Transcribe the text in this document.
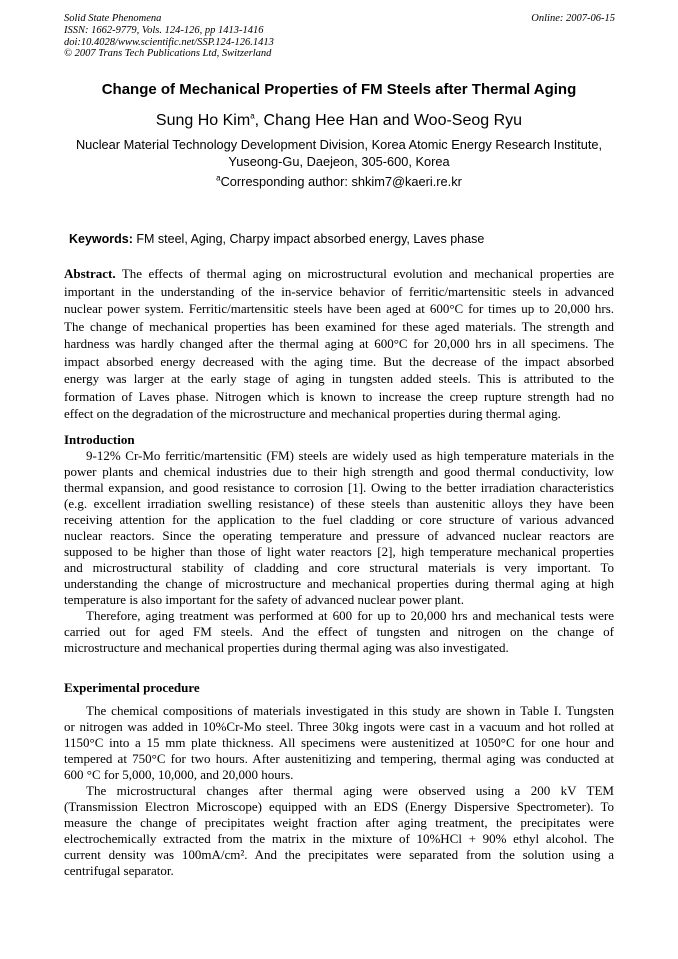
Solid State Phenomena
ISSN: 1662-9779, Vols. 124-126, pp 1413-1416
doi:10.4028/www.scientific.net/SSP.124-126.1413
© 2007 Trans Tech Publications Ltd, Switzerland
Online: 2007-06-15
Change of Mechanical Properties of FM Steels after Thermal Aging
Sung Ho Kim$^a$, Chang Hee Han and Woo-Seog Ryu
Nuclear Material Technology Development Division, Korea Atomic Energy Research Institute,
Yuseong-Gu, Daejeon, 305-600, Korea
$^a$Corresponding author: shkim7@kaeri.re.kr
Keywords: FM steel, Aging, Charpy impact absorbed energy, Laves phase
Abstract. The effects of thermal aging on microstructural evolution and mechanical properties are
important in the understanding of the in-service behavior of ferritic/martensitic steels in advanced
nuclear power system. Ferritic/martensitic steels have been aged at 600°C for times up to 20,000 hrs.
The change of mechanical properties has been examined for these aged materials. The strength and
hardness was hardly changed after the thermal aging at 600°C for 20,000 hrs in all specimens. The
impact absorbed energy decreased with the aging time. But the decrease of the impact absorbed
energy was larger at the early stage of aging in tungsten added steels. This is attributed to the
formation of Laves phase. Nitrogen which is known to increase the creep rupture strength had no
effect on the degradation of the microstructure and mechanical properties during thermal aging.
Introduction
9-12% Cr-Mo ferritic/martensitic (FM) steels are widely used as high temperature materials in the
power plants and chemical industries due to their high strength and good thermal conductivity, low
thermal expansion, and good resistance to corrosion [1]. Owing to the better irradiation characteristics
(e.g. excellent irradiation swelling resistance) of these steels than austenitic alloys they have been
receiving attention for the application to the fuel cladding or core structure of various advanced
nuclear reactors. Since the operating temperature and pressure of advanced nuclear reactors are
supposed to be higher than those of light water reactors [2], high temperature mechanical properties
and microstructural stability of cladding and core structural materials is very important. To
understanding the change of microstructure and mechanical properties during thermal aging at high
temperature is also important for the safety of advanced nuclear power plant.
Therefore, aging treatment was performed at 600 for up to 20,000 hrs and mechanical tests were
carried out for aged FM steels. And the effect of tungsten and nitrogen on the change of
microstructure and mechanical properties during thermal aging was also investigated.
Experimental procedure
The chemical compositions of materials investigated in this study are shown in Table I. Tungsten
or nitrogen was added in 10%Cr-Mo steel. Three 30kg ingots were cast in a vacuum and hot rolled at
1150°C into a 15 mm plate thickness. All specimens were austenitized at 1050°C for one hour and
tempered at 750°C for two hours. After austenitizing and tempering, thermal aging was conducted at
600 °C for 5,000, 10,000, and 20,000 hours.
The microstructural changes after thermal aging were observed using a 200 kV TEM
(Transmission Electron Microscope) equipped with an EDS (Energy Dispersive Spectrometer). To
measure the change of precipitates weight fraction after aging treatment, the precipitates were
electrochemically extracted from the matrix in the mixture of 10%HCl + 90% ethyl alcohol. The
current density was 100mA/cm². And the precipitates were separated from the solution using a
centrifugal separator.
